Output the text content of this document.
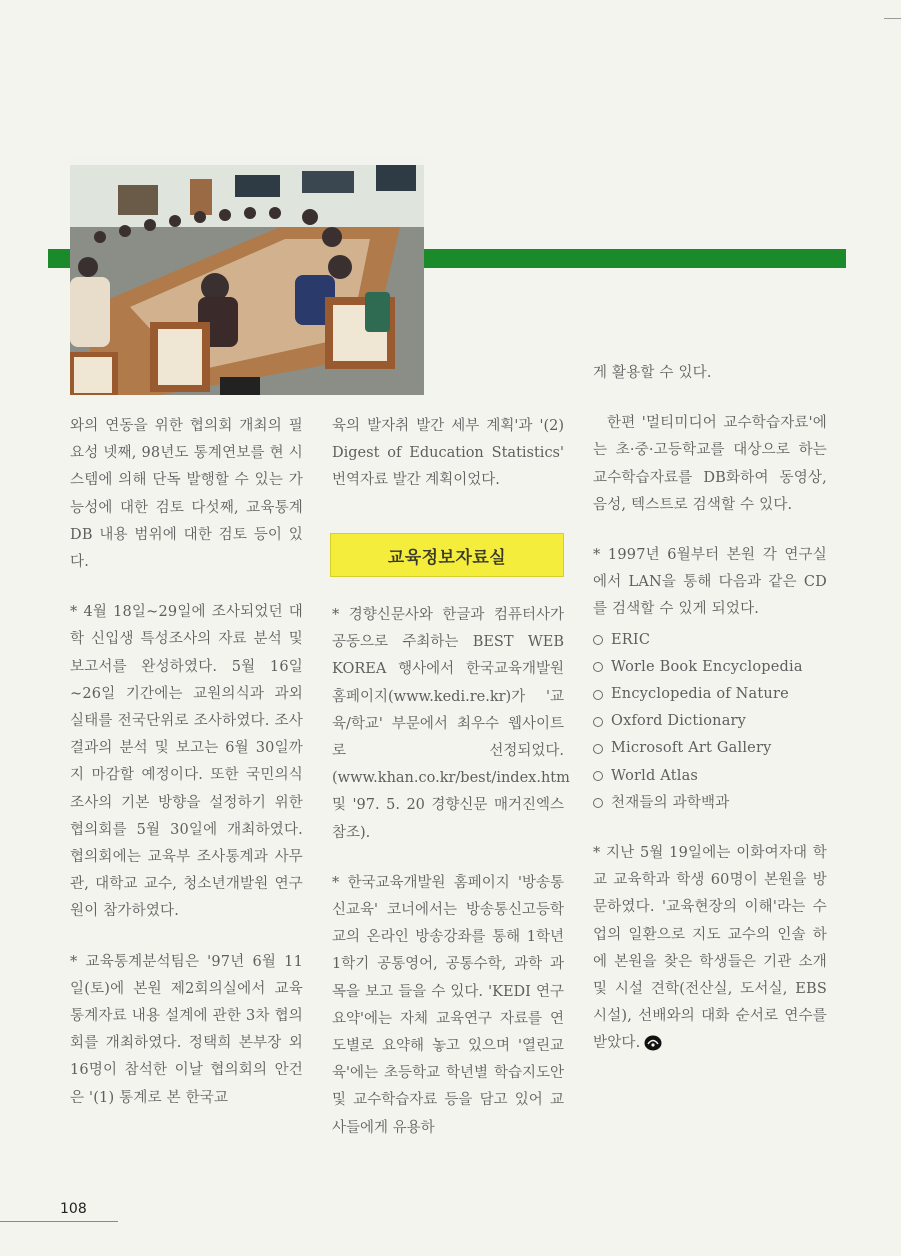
와의 연동을 위한 협의회 개최의 필요성 넷째, 98년도 통계연보를 현 시스템에 의해 단독 발행할 수 있는 가능성에 대한 검토 다섯째, 교육통계 DB 내용 범위에 대한 검토 등이 있다.

* 4월 18일~29일에 조사되었던 대학 신입생 특성조사의 자료 분석 및 보고서를 완성하였다. 5월 16일 ~26일 기간에는 교원의식과 과외 실태를 전국단위로 조사하였다. 조사결과의 분석 및 보고는 6월 30일까지 마감할 예정이다. 또한 국민의식 조사의 기본 방향을 설정하기 위한 협의회를 5월 30일에 개최하였다. 협의회에는 교육부 조사통계과 사무관, 대학교 교수, 청소년개발원 연구원이 참가하였다.

* 교육통계분석팀은 '97년 6월 11일(토)에 본원 제2회의실에서 교육통계자료 내용 설계에 관한 3차 협의회를 개최하였다. 정택희 본부장 외 16명이 참석한 이날 협의회의 안건은 '(1) 통계로 본 한국교

육의 발자취 발간 세부 계획'과 '(2) Digest of Education Statistics' 번역자료 발간 계획이었다.

교육정보자료실

* 경향신문사와 한글과 컴퓨터사가 공동으로 주최하는 BEST WEB KOREA 행사에서 한국교육개발원 홈페이지(www.kedi.re.kr)가 '교육/학교' 부문에서 최우수 웹사이트로 선정되었다.(www.khan.co.kr/best/index.htm 및 '97. 5. 20 경향신문 매거진엑스 참조).

* 한국교육개발원 홈페이지 '방송통신교육' 코너에서는 방송통신고등학교의 온라인 방송강좌를 통해 1학년 1학기 공통영어, 공통수학, 과학 과목을 보고 들을 수 있다. 'KEDI 연구 요약'에는 자체 교육연구 자료를 연도별로 요약해 놓고 있으며 '열린교육'에는 초등학교 학년별 학습지도안 및 교수학습자료 등을 담고 있어 교사들에게 유용하

게 활용할 수 있다.

한편 '멀티미디어 교수학습자료'에는 초·중·고등학교를 대상으로 하는 교수학습자료를 DB화하여 동영상, 음성, 텍스트로 검색할 수 있다.

* 1997년 6월부터 본원 각 연구실에서 LAN을 통해 다음과 같은 CD를 검색할 수 있게 되었다.

ERIC
Worle Book Encyclopedia
Encyclopedia of Nature
Oxford Dictionary
Microsoft Art Gallery
World Atlas
천재들의 과학백과

* 지난 5월 19일에는 이화여자대 학교 교육학과 학생 60명이 본원을 방문하였다. '교육현장의 이해'라는 수업의 일환으로 지도 교수의 인솔 하에 본원을 찾은 학생들은 기관 소개 및 시설 견학(전산실, 도서실, EBS 시설), 선배와의 대화 순서로 연수를 받았다.

108
